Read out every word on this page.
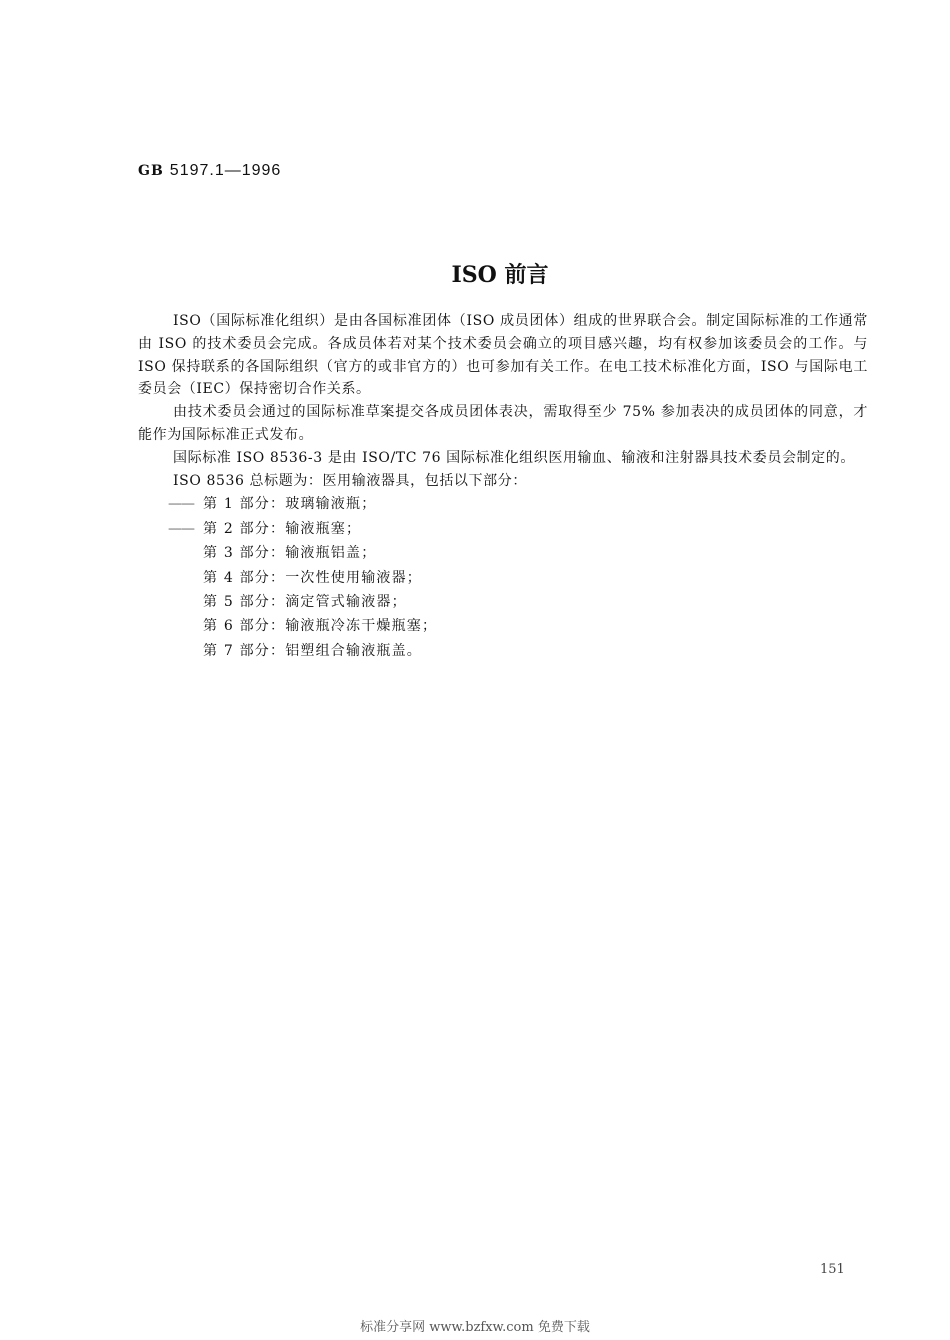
GB 5197.1—1996
ISO 前言

ISO（国际标准化组织）是由各国标准团体（ISO 成员团体）组成的世界联合会。制定国际标准的工作通常由 ISO 的技术委员会完成。各成员体若对某个技术委员会确立的项目感兴趣，均有权参加该委员会的工作。与 ISO 保持联系的各国际组织（官方的或非官方的）也可参加有关工作。在电工技术标准化方面，ISO 与国际电工委员会（IEC）保持密切合作关系。

由技术委员会通过的国际标准草案提交各成员团体表决，需取得至少 75% 参加表决的成员团体的同意，才能作为国际标准正式发布。

国际标准 ISO 8536-3 是由 ISO/TC 76 国际标准化组织医用输血、输液和注射器具技术委员会制定的。

ISO 8536 总标题为：医用输液器具，包括以下部分：

—— 第 1 部分：玻璃输液瓶；

—— 第 2 部分：输液瓶塞；

第 3 部分：输液瓶铝盖；

第 4 部分：一次性使用输液器；

第 5 部分：滴定管式输液器；

第 6 部分：输液瓶冷冻干燥瓶塞；

第 7 部分：铝塑组合输液瓶盖。

151
标准分享网 www.bzfxw.com 免费下载
